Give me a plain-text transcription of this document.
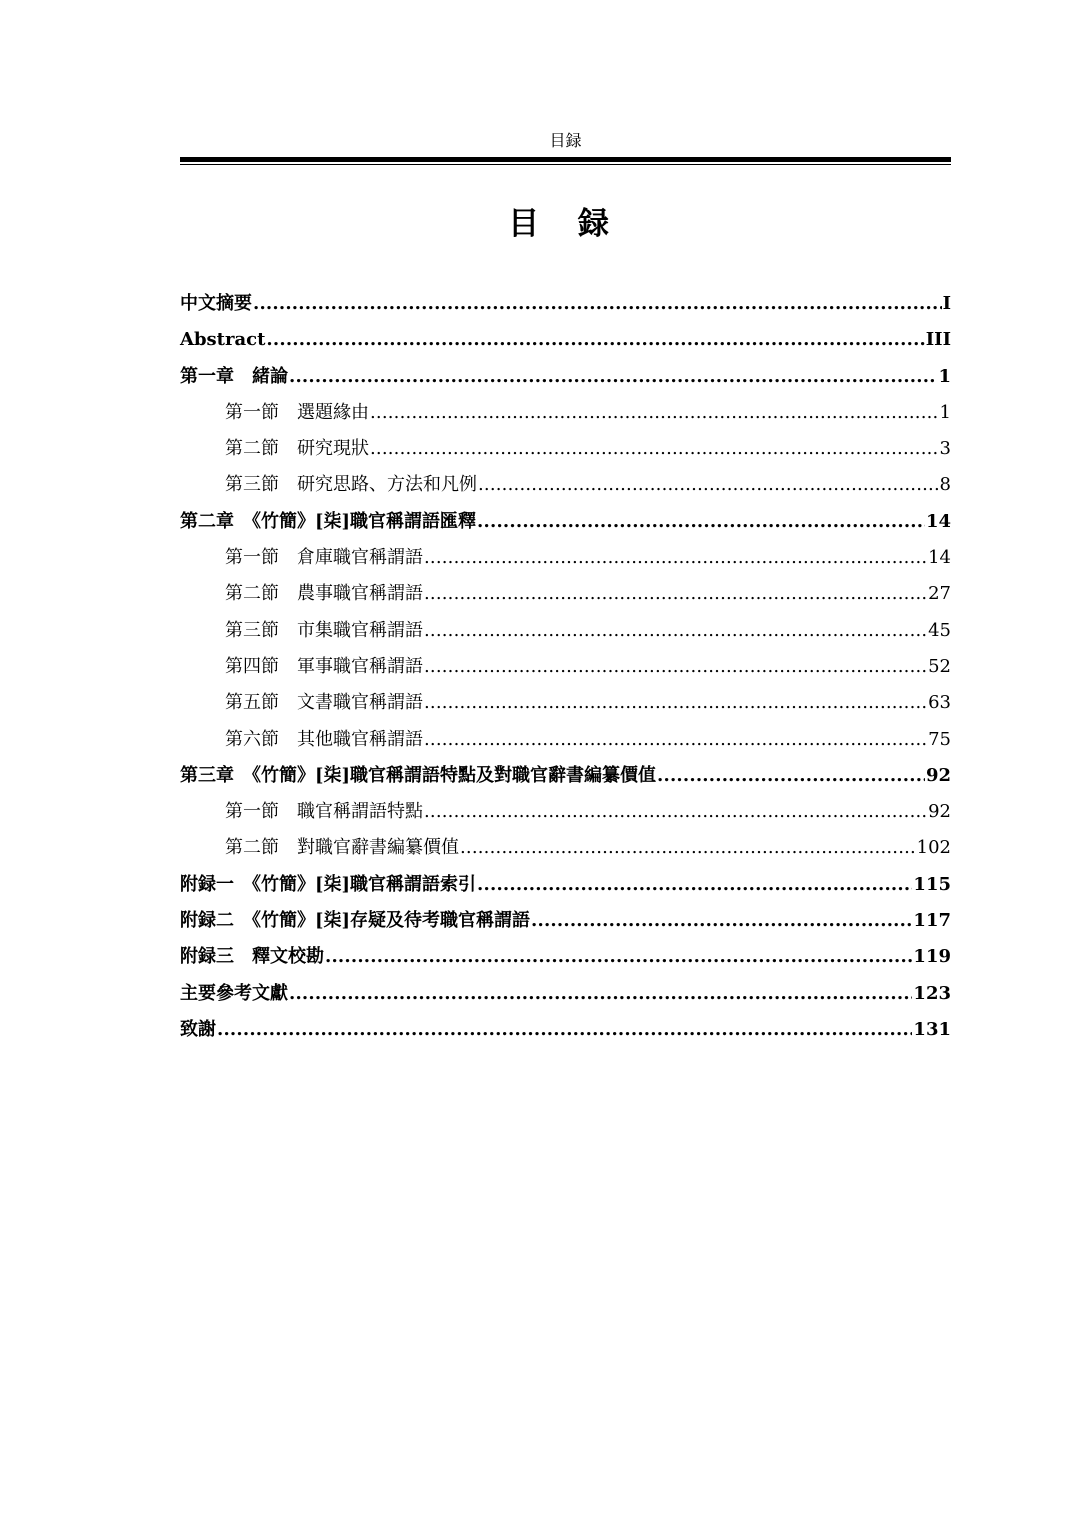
目録
目 録
中文摘要 .....	I
Abstract .....	III
第一章　緒論 .....	1
第一節　選題緣由 .....	1
第二節　研究現狀 .....	3
第三節　研究思路、方法和凡例 .....	8
第二章　《竹簡》[柒]職官稱謂語匯釋 .....	14
第一節　倉庫職官稱謂語 .....	14
第二節　農事職官稱謂語 .....	27
第三節　市集職官稱謂語 .....	45
第四節　軍事職官稱謂語 .....	52
第五節　文書職官稱謂語 .....	63
第六節　其他職官稱謂語 .....	75
第三章　《竹簡》[柒]職官稱謂語特點及對職官辭書編纂價值 .....	92
第一節　職官稱謂語特點 .....	92
第二節　對職官辭書編纂價值 .....	102
附録一　《竹簡》[柒]職官稱謂語索引 .....	115
附録二　《竹簡》[柒]存疑及待考職官稱謂語 .....	117
附録三　釋文校勘 .....	119
主要參考文獻 .....	123
致謝 .....	131
